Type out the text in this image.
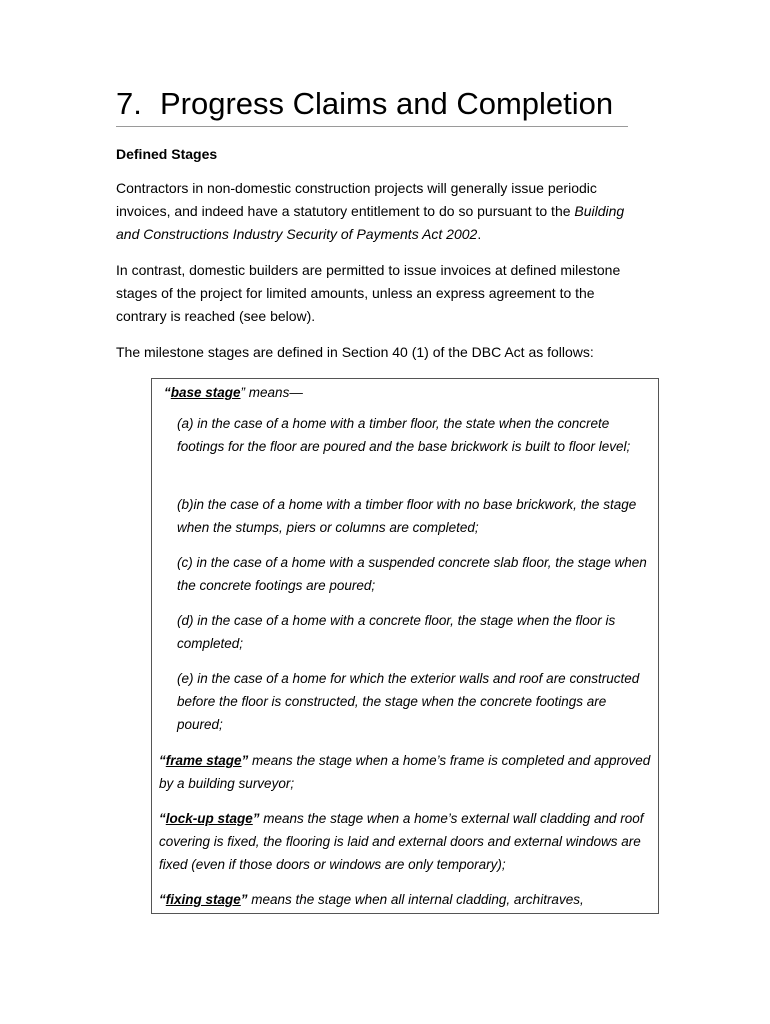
7. Progress Claims and Completion
Defined Stages

Contractors in non-domestic construction projects will generally issue periodic invoices, and indeed have a statutory entitlement to do so pursuant to the Building and Constructions Industry Security of Payments Act 2002.

In contrast, domestic builders are permitted to issue invoices at defined milestone stages of the project for limited amounts, unless an express agreement to the contrary is reached (see below).

The milestone stages are defined in Section 40 (1) of the DBC Act as follows:

“base stage” means—

(a) in the case of a home with a timber floor, the state when the concrete footings for the floor are poured and the base brickwork is built to floor level;

(b)in the case of a home with a timber floor with no base brickwork, the stage when the stumps, piers or columns are completed;

(c) in the case of a home with a suspended concrete slab floor, the stage when the concrete footings are poured;

(d) in the case of a home with a concrete floor, the stage when the floor is completed;

(e) in the case of a home for which the exterior walls and roof are constructed before the floor is constructed, the stage when the concrete footings are poured;

“frame stage” means the stage when a home’s frame is completed and approved by a building surveyor;

“lock-up stage” means the stage when a home’s external wall cladding and roof covering is fixed, the flooring is laid and external doors and external windows are fixed (even if those doors or windows are only temporary);

“fixing stage” means the stage when all internal cladding, architraves,
